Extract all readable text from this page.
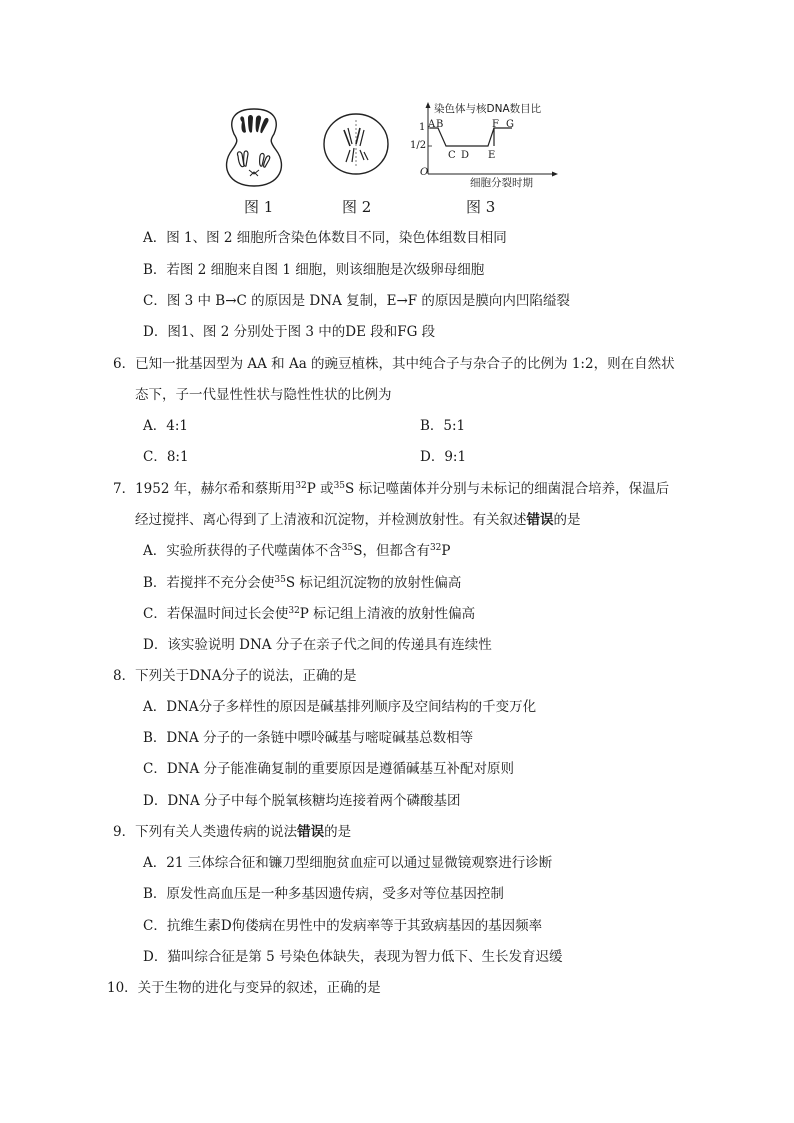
图 1	图 2
染色体与核DNA数目比
1
1/2
O
A B
C D E
F G
细胞分裂时期
图 3
A．图 1、图 2 细胞所含染色体数目不同，染色体组数目相同
B．若图 2 细胞来自图 1 细胞，则该细胞是次级卵母细胞
C．图 3 中 B→C 的原因是 DNA 复制，E→F 的原因是膜向内凹陷缢裂
D．图1、图 2 分别处于图 3 中的DE 段和FG 段
6．已知一批基因型为 AA 和 Aa 的豌豆植株，其中纯合子与杂合子的比例为 1:2，则在自然状
态下，子一代显性性状与隐性性状的比例为
A．4:1	B．5:1
C．8:1	D．9:1
7．1952 年，赫尔希和蔡斯用$^{32}$P 或$^{35}$S 标记噬菌体并分别与未标记的细菌混合培养，保温后
经过搅拌、离心得到了上清液和沉淀物，并检测放射性。有关叙述错误的是
A．实验所获得的子代噬菌体不含$^{35}$S，但都含有$^{32}$P
B．若搅拌不充分会使$^{35}$S 标记组沉淀物的放射性偏高
C．若保温时间过长会使$^{32}$P 标记组上清液的放射性偏高
D．该实验说明 DNA 分子在亲子代之间的传递具有连续性
8．下列关于DNA分子的说法，正确的是
A．DNA分子多样性的原因是碱基排列顺序及空间结构的千变万化
B．DNA 分子的一条链中嘌呤碱基与嘧啶碱基总数相等
C．DNA 分子能准确复制的重要原因是遵循碱基互补配对原则
D．DNA 分子中每个脱氧核糖均连接着两个磷酸基团
9．下列有关人类遗传病的说法错误的是
A．21 三体综合征和镰刀型细胞贫血症可以通过显微镜观察进行诊断
B．原发性高血压是一种多基因遗传病，受多对等位基因控制
C．抗维生素D佝偻病在男性中的发病率等于其致病基因的基因频率
D．猫叫综合征是第 5 号染色体缺失，表现为智力低下、生长发育迟缓
10．关于生物的进化与变异的叙述，正确的是
